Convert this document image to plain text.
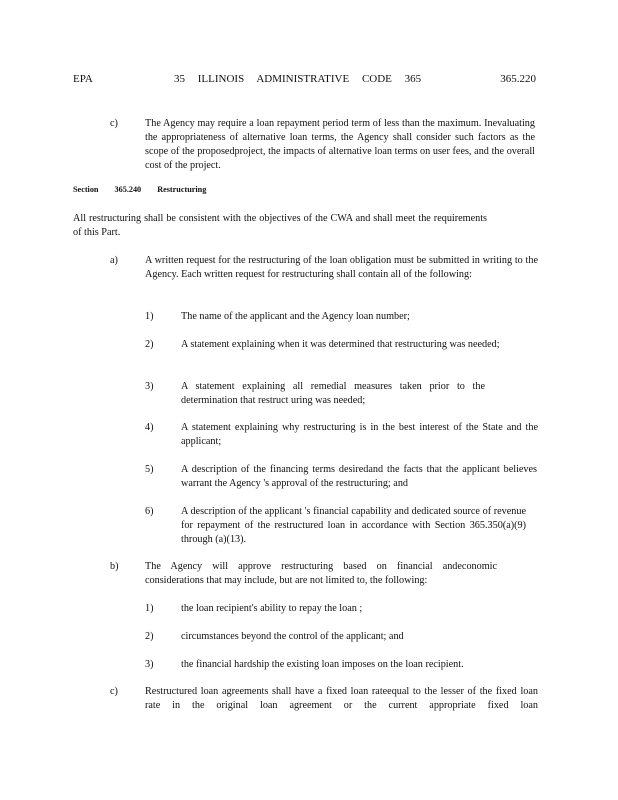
EPA	35 ILLINOIS ADMINISTRATIVE CODE 365	365.220
c)	The Agency may require a loan repayment period term of less than the maximum. Inevaluating the appropriateness of alternative loan terms, the Agency shall consider such factors as the scope of the proposedproject, the impacts of alternative loan terms on user fees, and the overall cost of the project.
Section 365.240 Restructuring
All restructuring shall be consistent with the objectives of the CWA and shall meet the requirements of this Part.
a)	A written request for the restructuring of the loan obligation must be submitted in writing to the Agency. Each written request for restructuring shall contain all of the following:
1)	The name of the applicant and the Agency loan number;
2)	A statement explaining when it was determined that restructuring was needed;
3)	A statement explaining all remedial measures taken prior to the determination that restruct uring was needed;
4)	A statement explaining why restructuring is in the best interest of the State and the applicant;
5)	A description of the financing terms desiredand the facts that the applicant believes warrant the Agency 's approval of the restructuring; and
6)	A description of the applicant 's financial capability and dedicated source of revenue for repayment of the restructured loan in accordance with Section 365.350(a)(9) through (a)(13).
b)	The Agency will approve restructuring based on financial andeconomic considerations that may include, but are not limited to, the following:
1)	the loan recipient's ability to repay the loan ;
2)	circumstances beyond the control of the applicant; and
3)	the financial hardship the existing loan imposes on the loan recipient.
c)	Restructured loan agreements shall have a fixed loan rateequal to the lesser of the fixed loan rate in the original loan agreement or the current appropriate fixed loan
